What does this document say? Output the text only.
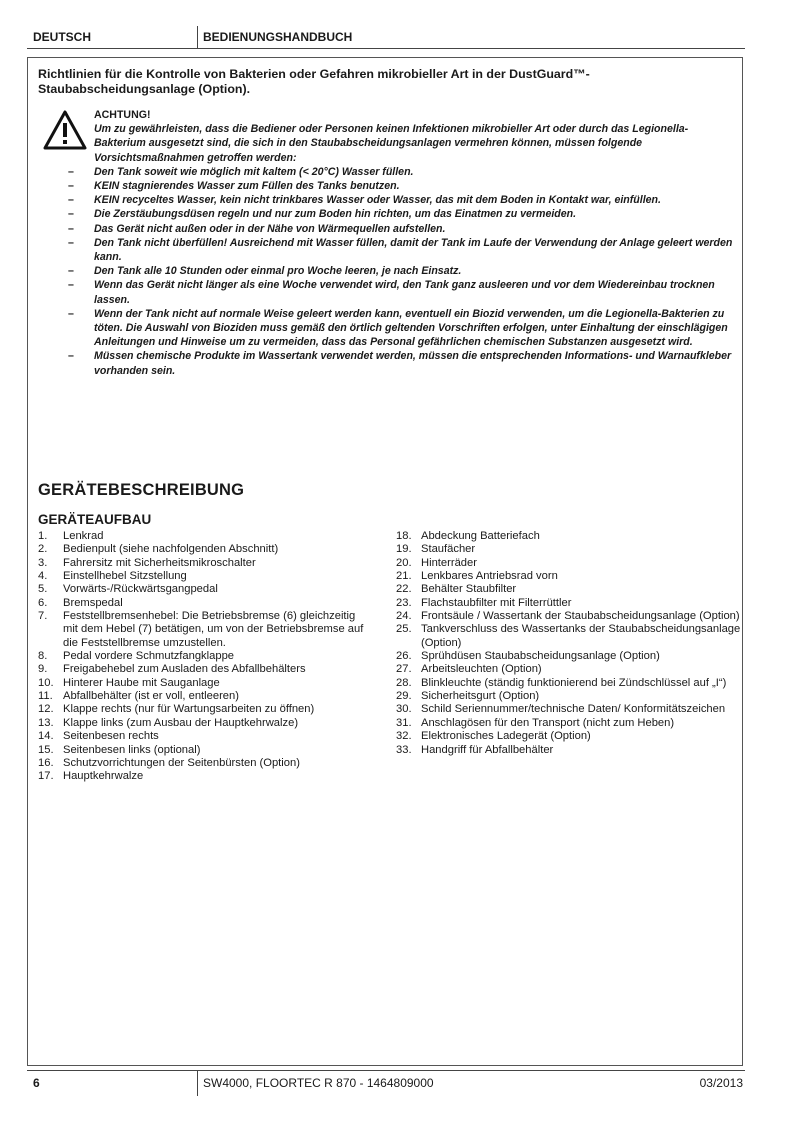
DEUTSCH	BEDIENUNGSHANDBUCH
Richtlinien für die Kontrolle von Bakterien oder Gefahren mikrobieller Art in der DustGuard™-Staubabscheidungsanlage (Option).
ACHTUNG!
Um zu gewährleisten, dass die Bediener oder Personen keinen Infektionen mikrobieller Art oder durch das Legionella-Bakterium ausgesetzt sind, die sich in den Staubabscheidungsanlagen vermehren können, müssen folgende Vorsichtsmaßnahmen getroffen werden:
– Den Tank soweit wie möglich mit kaltem (< 20°C) Wasser füllen.
– KEIN stagnierendes Wasser zum Füllen des Tanks benutzen.
– KEIN recyceltes Wasser, kein nicht trinkbares Wasser oder Wasser, das mit dem Boden in Kontakt war, einfüllen.
– Die Zerstäubungsdüsen regeln und nur zum Boden hin richten, um das Einatmen zu vermeiden.
– Das Gerät nicht außen oder in der Nähe von Wärmequellen aufstellen.
– Den Tank nicht überfüllen! Ausreichend mit Wasser füllen, damit der Tank im Laufe der Verwendung der Anlage geleert werden kann.
– Den Tank alle 10 Stunden oder einmal pro Woche leeren, je nach Einsatz.
– Wenn das Gerät nicht länger als eine Woche verwendet wird, den Tank ganz ausleeren und vor dem Wiedereinbau trocknen lassen.
– Wenn der Tank nicht auf normale Weise geleert werden kann, eventuell ein Biozid verwenden, um die Legionella-Bakterien zu töten. Die Auswahl von Bioziden muss gemäß den örtlich geltenden Vorschriften erfolgen, unter Einhaltung der einschlägigen Anleitungen und Hinweise um zu vermeiden, dass das Personal gefährlichen chemischen Substanzen ausgesetzt wird.
– Müssen chemische Produkte im Wassertank verwendet werden, müssen die entsprechenden Informations- und Warnaufkleber vorhanden sein.
GERÄTEBESCHREIBUNG
GERÄTEAUFBAU
1. Lenkrad
2. Bedienpult (siehe nachfolgenden Abschnitt)
3. Fahrersitz mit Sicherheitsmikroschalter
4. Einstellhebel Sitzstellung
5. Vorwärts-/Rückwärtsgangpedal
6. Bremspedal
7. Feststellbremsenhebel: Die Betriebsbremse (6) gleichzeitig mit dem Hebel (7) betätigen, um von der Betriebsbremse auf die Feststellbremse umzustellen.
8. Pedal vordere Schmutzfangklappe
9. Freigabehebel zum Ausladen des Abfallbehälters
10. Hinterer Haube mit Sauganlage
11. Abfallbehälter (ist er voll, entleeren)
12. Klappe rechts (nur für Wartungsarbeiten zu öffnen)
13. Klappe links (zum Ausbau der Hauptkehrwalze)
14. Seitenbesen rechts
15. Seitenbesen links (optional)
16. Schutzvorrichtungen der Seitenbürsten (Option)
17. Hauptkehrwalze
18. Abdeckung Batteriefach
19. Staufächer
20. Hinterräder
21. Lenkbares Antriebsrad vorn
22. Behälter Staubfilter
23. Flachstaubfilter mit Filterrüttler
24. Frontsäule / Wassertank der Staubabscheidungsanlage (Option)
25. Tankverschluss des Wassertanks der Staubabscheidungsanlage (Option)
26. Sprühdüsen Staubabscheidungsanlage (Option)
27. Arbeitsleuchten (Option)
28. Blinkleuchte (ständig funktionierend bei Zündschlüssel auf „I“)
29. Sicherheitsgurt (Option)
30. Schild Seriennummer/technische Daten/ Konformitätszeichen
31. Anschlagösen für den Transport (nicht zum Heben)
32. Elektronisches Ladegerät (Option)
33. Handgriff für Abfallbehälter
6	SW4000, FLOORTEC R 870 - 1464809000	03/2013
